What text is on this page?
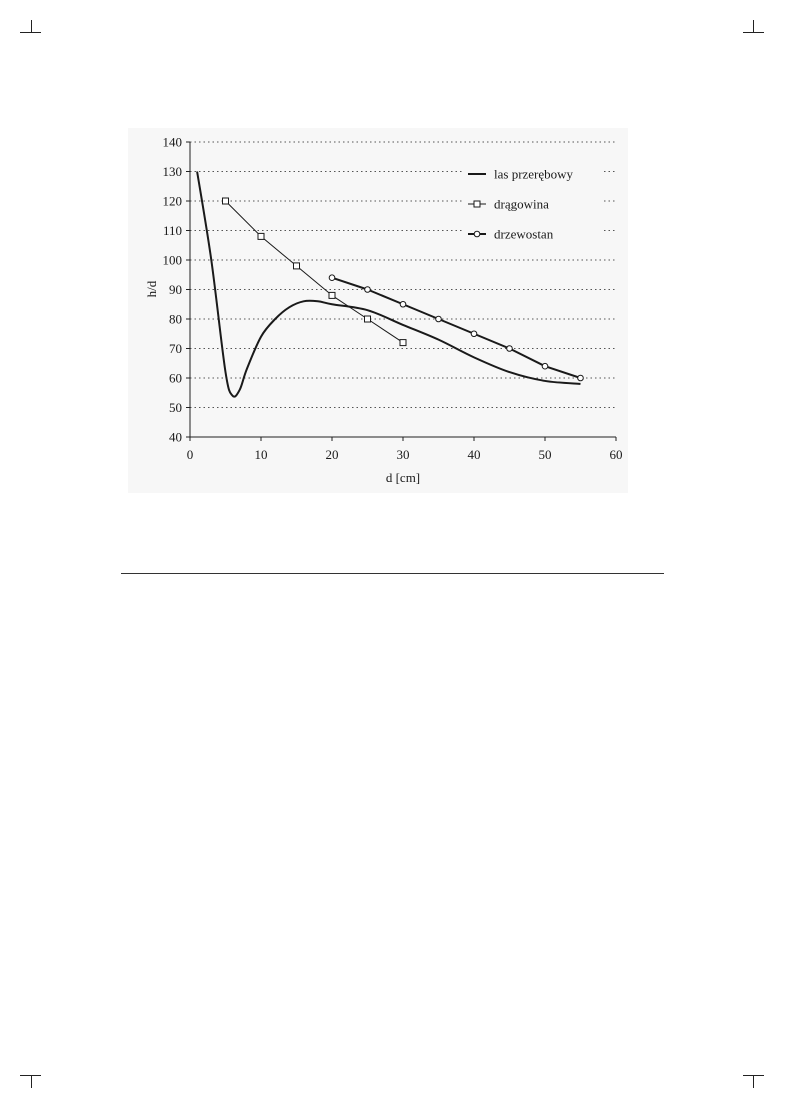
40
50
60
70
80
90
100
110
120
130
140
0	10	20	30	40	50	60
h/d
d [cm]
las przerębowy
drągowina
drzewostan
